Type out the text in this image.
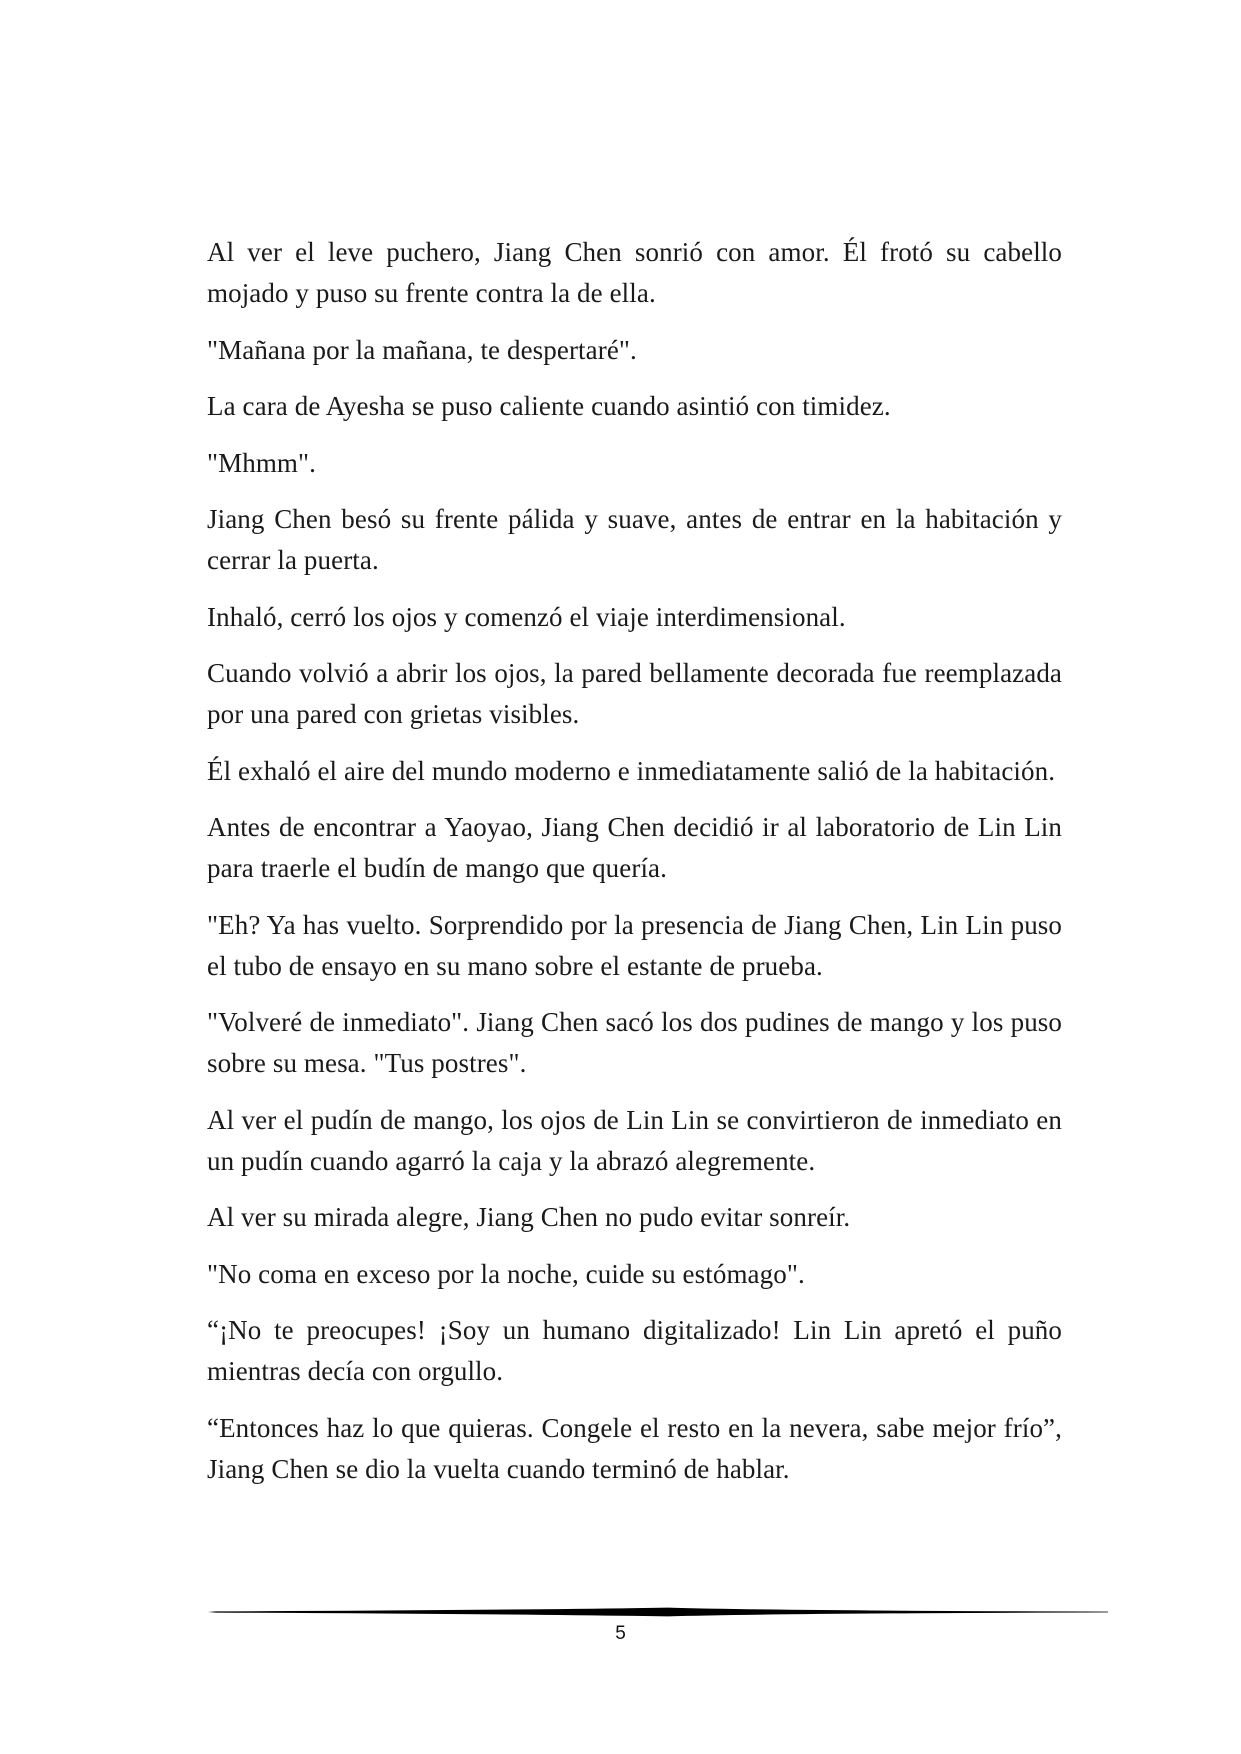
Al ver el leve puchero, Jiang Chen sonrió con amor. Él frotó su cabello mojado y puso su frente contra la de ella.

"Mañana por la mañana, te despertaré".

La cara de Ayesha se puso caliente cuando asintió con timidez.

"Mhmm".

Jiang Chen besó su frente pálida y suave, antes de entrar en la habitación y cerrar la puerta.

Inhaló, cerró los ojos y comenzó el viaje interdimensional.

Cuando volvió a abrir los ojos, la pared bellamente decorada fue reemplazada por una pared con grietas visibles.

Él exhaló el aire del mundo moderno e inmediatamente salió de la habitación.

Antes de encontrar a Yaoyao, Jiang Chen decidió ir al laboratorio de Lin Lin para traerle el budín de mango que quería.

"Eh? Ya has vuelto. Sorprendido por la presencia de Jiang Chen, Lin Lin puso el tubo de ensayo en su mano sobre el estante de prueba.

"Volveré de inmediato". Jiang Chen sacó los dos pudines de mango y los puso sobre su mesa. "Tus postres".

Al ver el pudín de mango, los ojos de Lin Lin se convirtieron de inmediato en un pudín cuando agarró la caja y la abrazó alegremente.

Al ver su mirada alegre, Jiang Chen no pudo evitar sonreír.

"No coma en exceso por la noche, cuide su estómago".

“¡No te preocupes! ¡Soy un humano digitalizado! Lin Lin apretó el puño mientras decía con orgullo.

“Entonces haz lo que quieras. Congele el resto en la nevera, sabe mejor frío”, Jiang Chen se dio la vuelta cuando terminó de hablar.

5
